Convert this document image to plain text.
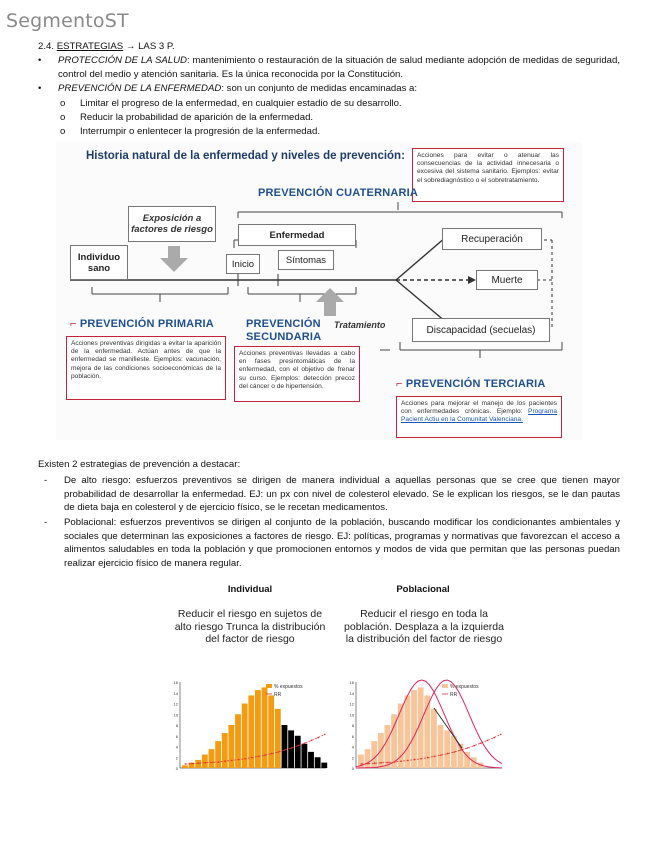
SegmentoST
2.4. ESTRATEGIAS → LAS 3 P.
•	PROTECCIÓN DE LA SALUD: mantenimiento o restauración de la situación de salud mediante adopción de medidas de seguridad, control del medio y atención sanitaria. Es la única reconocida por la Constitución.
•	PREVENCIÓN DE LA ENFERMEDAD: son un conjunto de medidas encaminadas a:
o	Limitar el progreso de la enfermedad, en cualquier estadio de su desarrollo.
o	Reducir la probabilidad de aparición de la enfermedad.
o	Interrumpir o enlentecer la progresión de la enfermedad.
Historia natural de la enfermedad y niveles de prevención:	Acciones para evitar o atenuar las consecuencias de la actividad innecesaria o excesiva del sistema sanitario. Ejemplos: evitar el sobrediagnóstico o el sobretratamiento.
PREVENCIÓN CUATERNARIA
Exposición a factores de riesgo
Individuo sano
Enfermedad
Inicio	Síntomas
Tratamiento
Recuperación
Muerte
Discapacidad (secuelas)
⌐ PREVENCIÓN PRIMARIA
Acciones preventivas dirigidas a evitar la aparición de la enfermedad. Actúan antes de que la enfermedad se manifieste. Ejemplos: vacunación, mejora de las condiciones socioeconómicas de la población.
PREVENCIÓN
SECUNDARIA
Acciones preventivas llevadas a cabo en fases presintomáticas de la enfermedad, con el objetivo de frenar su curso. Ejemplos: detección precoz del cáncer o de hipertensión.	⌐ PREVENCIÓN TERCIARIA
Acciones para mejorar el manejo de los pacientes con enfermedades crónicas. Ejemplo: Programa Pacient Actiu en la Comunitat Valenciana.
Existen 2 estrategias de prevención a destacar:
-	De alto riesgo: esfuerzos preventivos se dirigen de manera individual a aquellas personas que se cree que tienen mayor probabilidad de desarrollar la enfermedad. EJ: un px con nivel de colesterol elevado. Se le explican los riesgos, se le dan pautas de dieta baja en colesterol y de ejercicio físico, se le recetan medicamentos.
-	Poblacional: esfuerzos preventivos se dirigen al conjunto de la población, buscando modificar los condicionantes ambientales y sociales que determinan las exposiciones a factores de riesgo. EJ: políticas, programas y normativas que favorezcan el acceso a alimentos saludables en toda la población y que promocionen entornos y modos de vida que permitan que las personas puedan realizar ejercicio físico de manera regular.
Individual	Poblacional
Reducir el riesgo en sujetos de alto riesgo Trunca la distribución del factor de riesgo
Reducir el riesgo en toda la población. Desplaza a la izquierda la distribución del factor de riesgo
16
14
12
10
8
6
4
2
0
% expuestos
RR
16
14
12
10
8
6
4
2
0
% expuestos
RR
